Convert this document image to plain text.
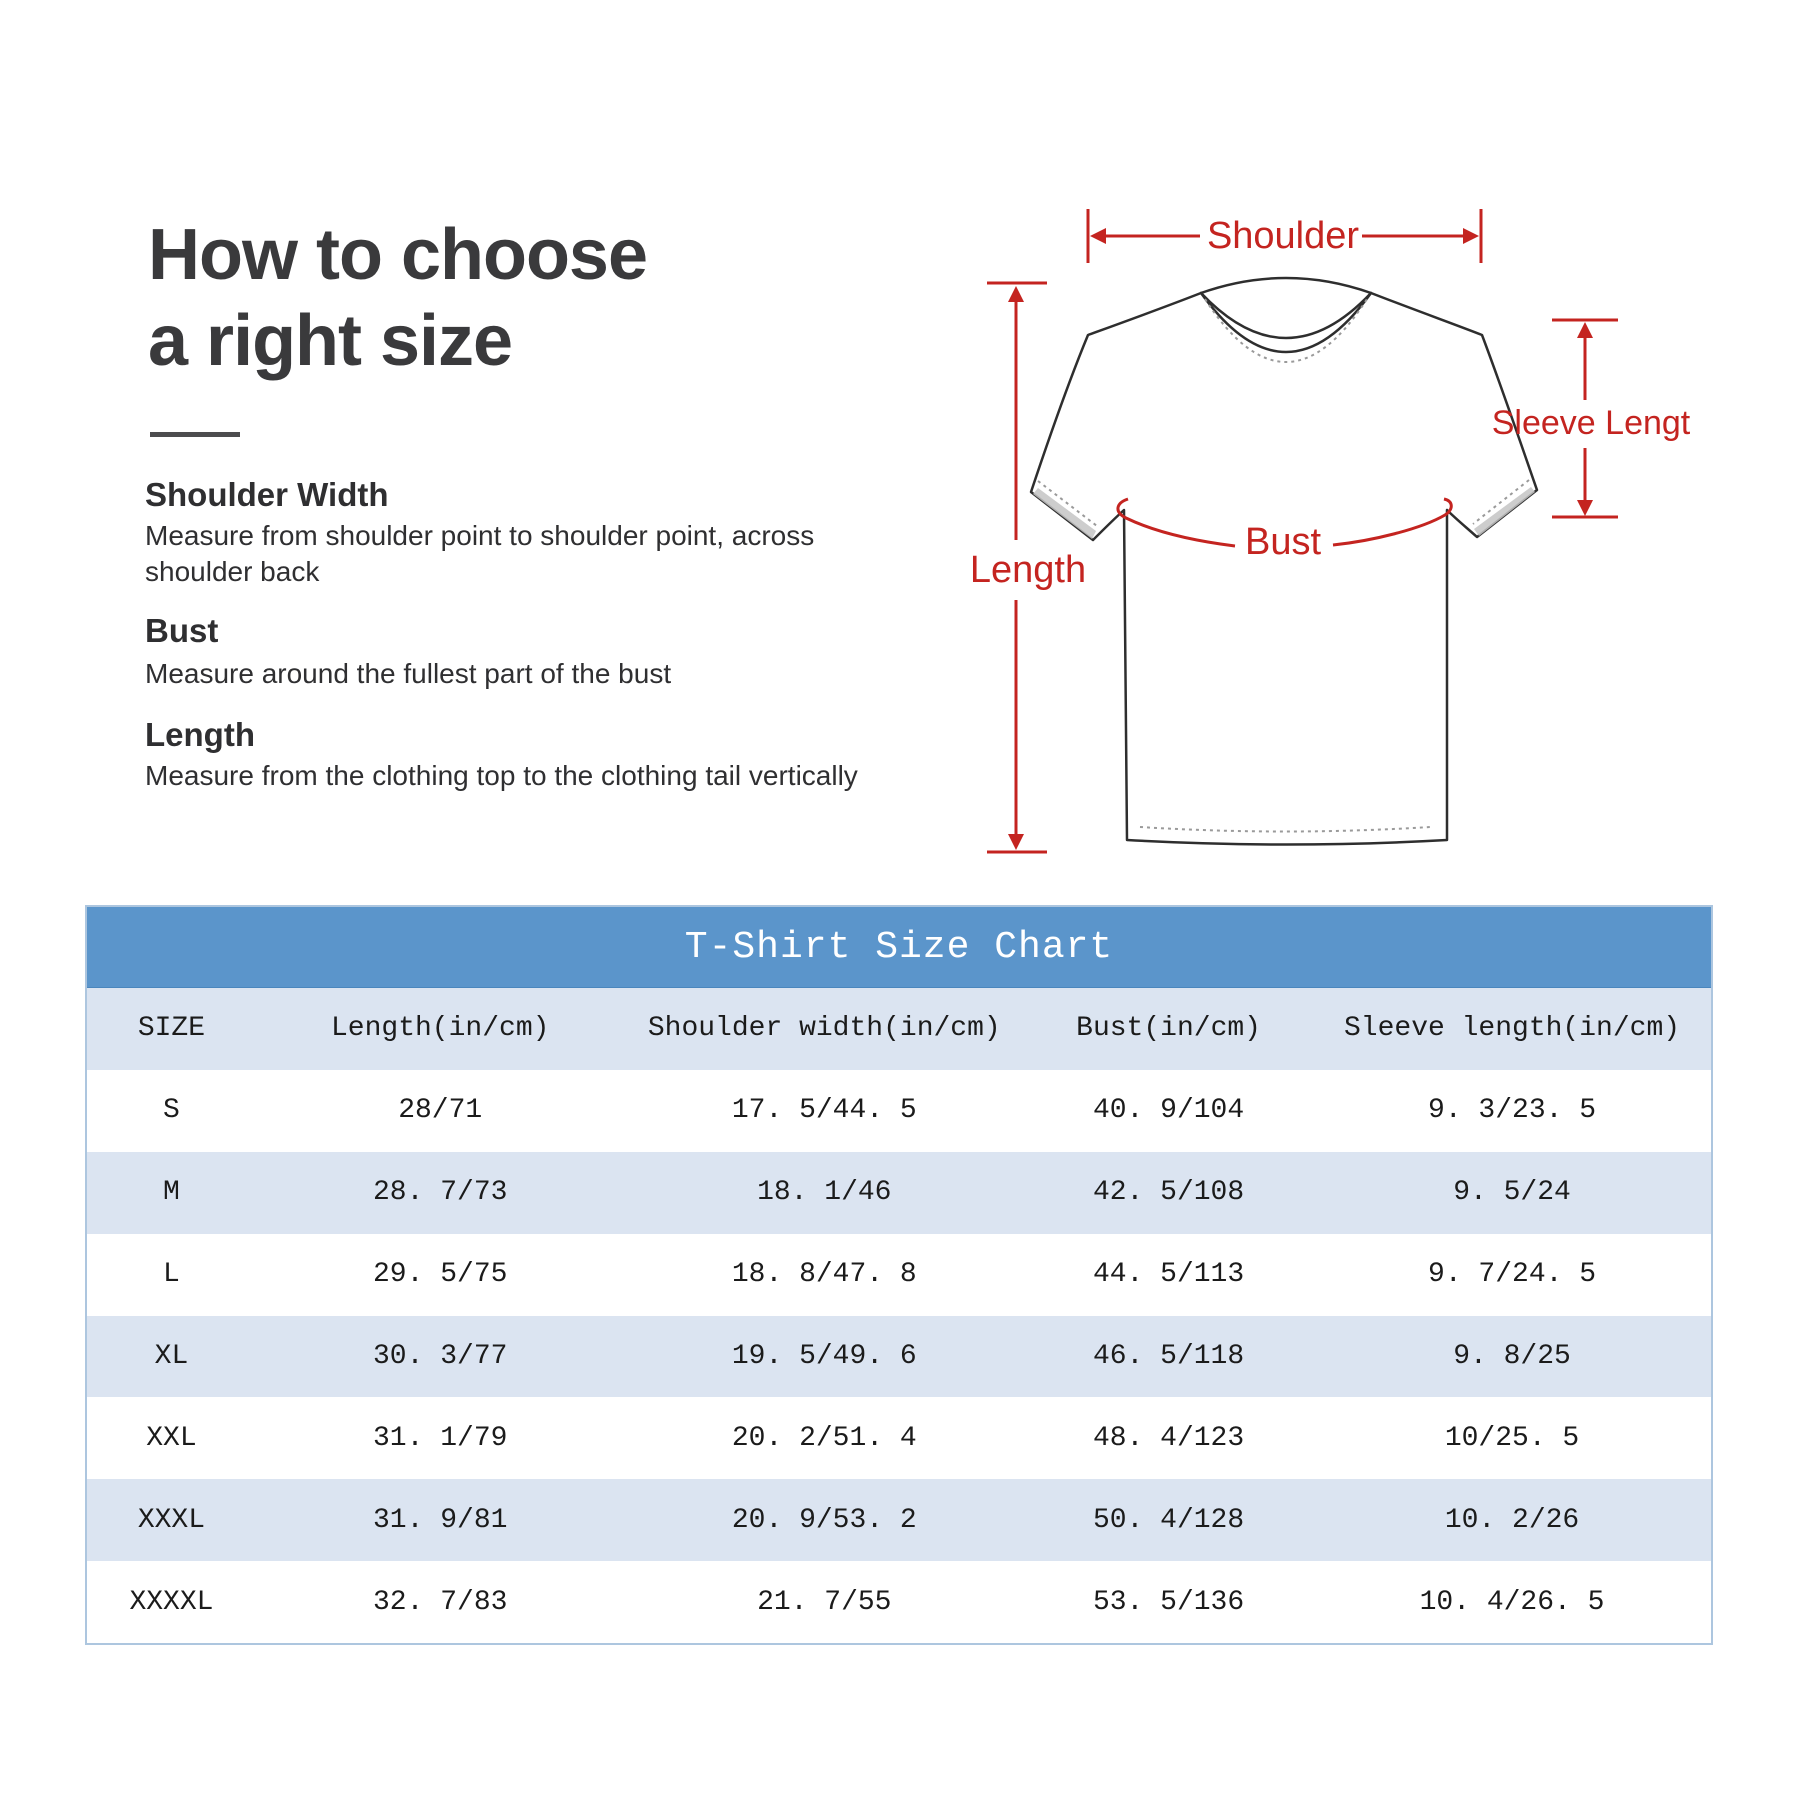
How to choose
a right size
Shoulder Width
Measure from shoulder point to shoulder point, across shoulder back
Bust
Measure around the fullest part of the bust
Length
Measure from the clothing top to the clothing tail vertically
Shoulder
Length
Sleeve Lengt
Bust
T-Shirt Size Chart
SIZE	Length(in/cm)	Shoulder width(in/cm)	Bust(in/cm)	Sleeve length(in/cm)
S	28/71	17. 5/44. 5	40. 9/104	9. 3/23. 5
M	28. 7/73	18. 1/46	42. 5/108	9. 5/24
L	29. 5/75	18. 8/47. 8	44. 5/113	9. 7/24. 5
XL	30. 3/77	19. 5/49. 6	46. 5/118	9. 8/25
XXL	31. 1/79	20. 2/51. 4	48. 4/123	10/25. 5
XXXL	31. 9/81	20. 9/53. 2	50. 4/128	10. 2/26
XXXXL	32. 7/83	21. 7/55	53. 5/136	10. 4/26. 5
